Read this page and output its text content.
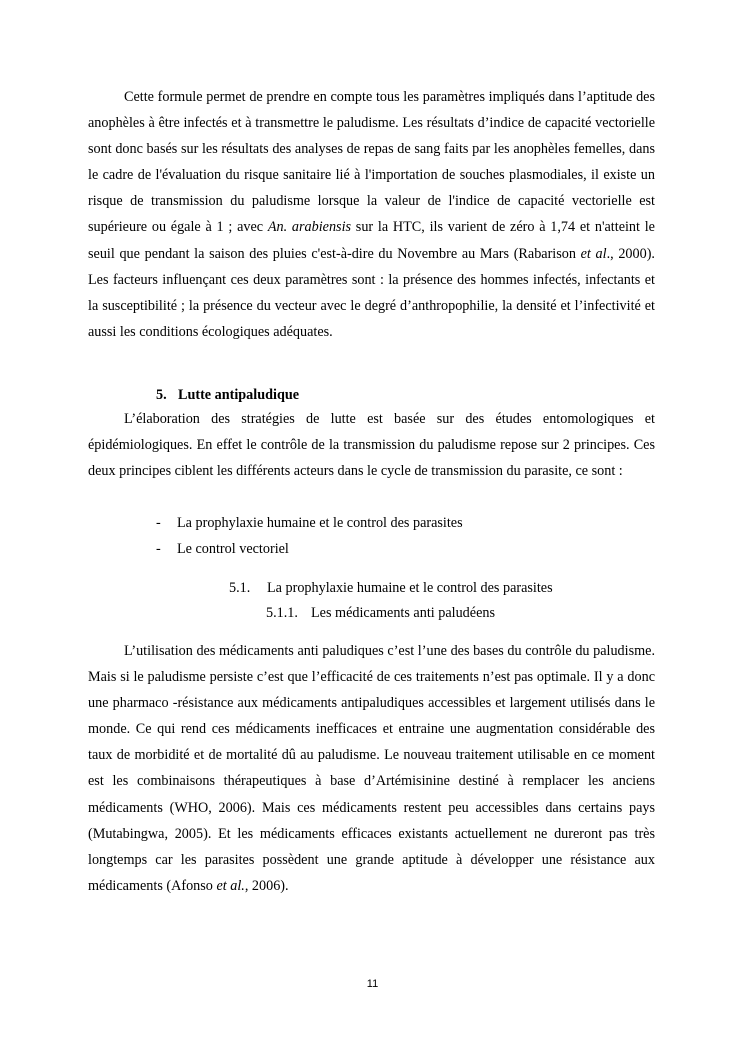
Cette formule permet de prendre en compte tous les paramètres impliqués dans l’aptitude des anophèles à être infectés et à transmettre le paludisme. Les résultats d’indice de capacité vectorielle sont donc basés sur les résultats des analyses de repas de sang faits par les anophèles femelles, dans le cadre de l'évaluation du risque sanitaire lié à l'importation de souches plasmodiales, il existe un risque de transmission du paludisme lorsque la valeur de l'indice de capacité vectorielle est supérieure ou égale à 1 ; avec An. arabiensis sur la HTC, ils varient de zéro à 1,74 et n'atteint le seuil que pendant la saison des pluies c'est-à-dire du Novembre au Mars (Rabarison et al., 2000). Les facteurs influençant ces deux paramètres sont : la présence des hommes infectés, infectants et la susceptibilité ; la présence du vecteur avec le degré d’anthropophilie, la densité et l’infectivité et aussi les conditions écologiques adéquates.

5. Lutte antipaludique

L’élaboration des stratégies de lutte est basée sur des études entomologiques et épidémiologiques. En effet le contrôle de la transmission du paludisme repose sur 2 principes. Ces deux principes ciblent les différents acteurs dans le cycle de transmission du parasite, ce sont :

- La prophylaxie humaine et le control des parasites
- Le control vectoriel
5.1. La prophylaxie humaine et le control des parasites
5.1.1. Les médicaments anti paludéens

L’utilisation des médicaments anti paludiques c’est l’une des bases du contrôle du paludisme. Mais si le paludisme persiste c’est que l’efficacité de ces traitements n’est pas optimale. Il y a donc une pharmaco -résistance aux médicaments antipaludiques accessibles et largement utilisés dans le monde. Ce qui rend ces médicaments inefficaces et entraine une augmentation considérable des taux de morbidité et de mortalité dû au paludisme. Le nouveau traitement utilisable en ce moment est les combinaisons thérapeutiques à base d’Artémisinine destiné à remplacer les anciens médicaments (WHO, 2006). Mais ces médicaments restent peu accessibles dans certains pays (Mutabingwa, 2005). Et les médicaments efficaces existants actuellement ne dureront pas très longtemps car les parasites possèdent une grande aptitude à développer une résistance aux médicaments (Afonso et al., 2006).

11
